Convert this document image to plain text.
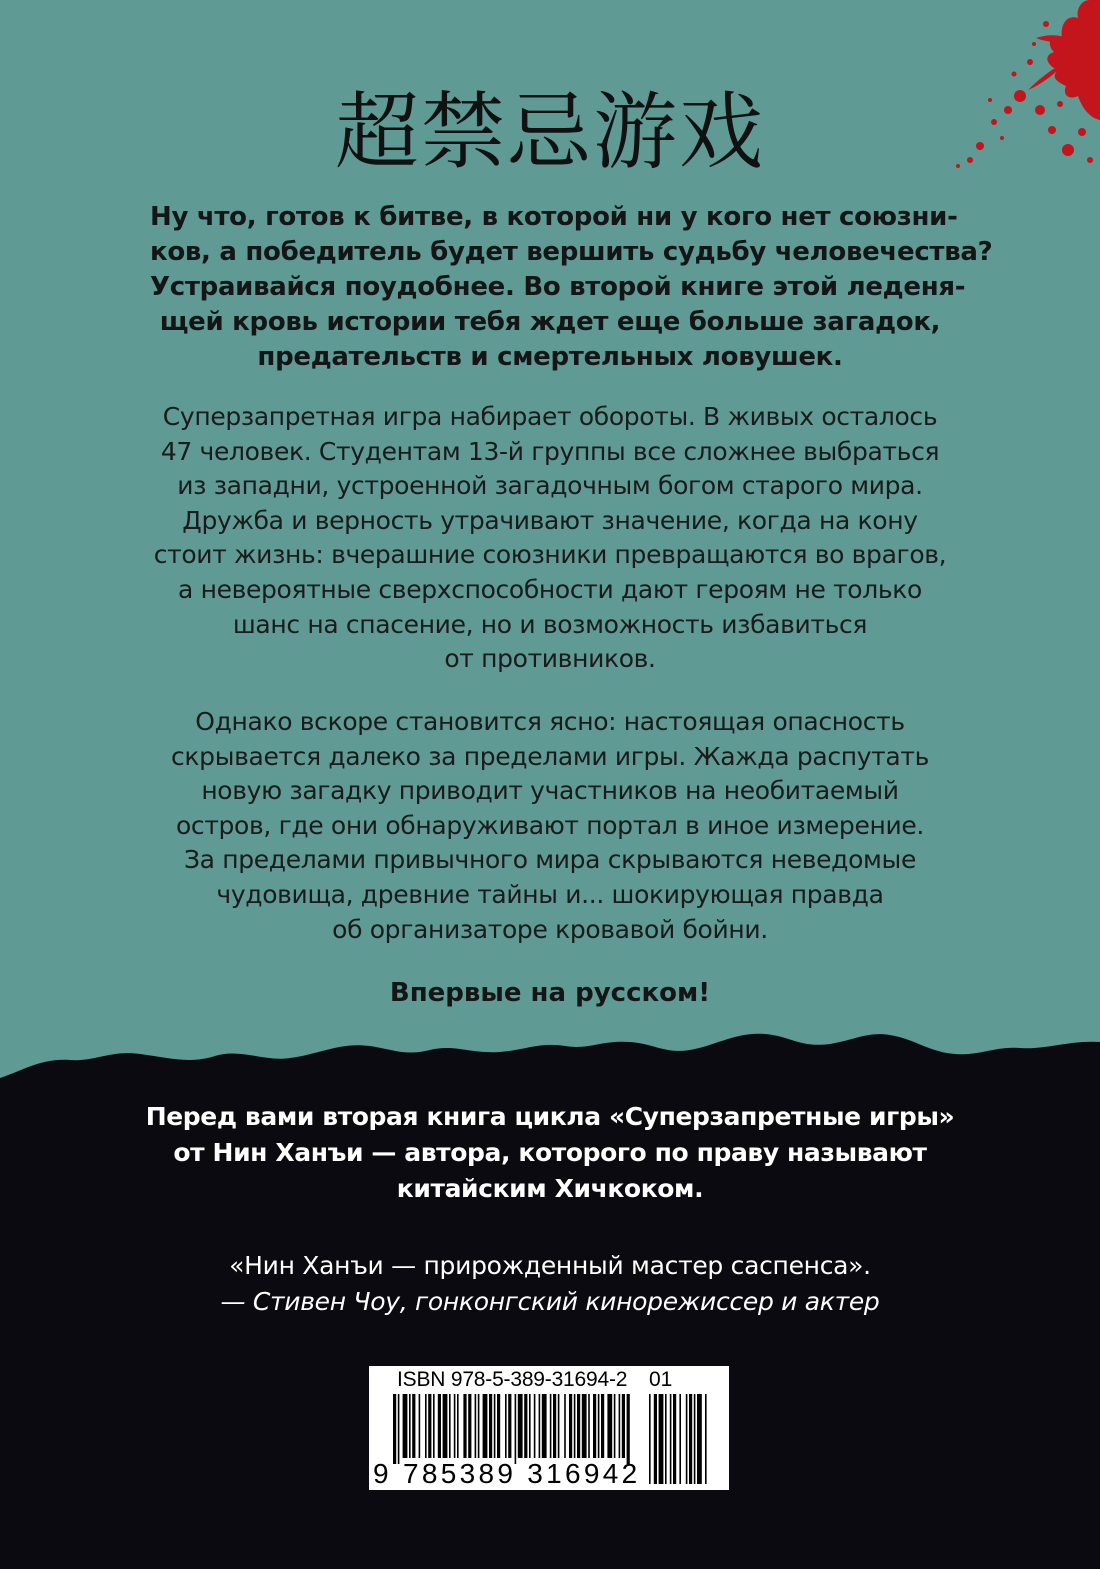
超禁忌游戏
Ну что, готов к битве, в которой ни у кого нет союзни-
ков, а победитель будет вершить судьбу человечества?
Устраивайся поудобнее. Во второй книге этой леденя-
щей кровь истории тебя ждет еще больше загадок,
предательств и смертельных ловушек.
Суперзапретная игра набирает обороты. В живых осталось
47 человек. Студентам 13-й группы все сложнее выбраться
из западни, устроенной загадочным богом старого мира.
Дружба и верность утрачивают значение, когда на кону
стоит жизнь: вчерашние союзники превращаются во врагов,
а невероятные сверхспособности дают героям не только
шанс на спасение, но и возможность избавиться
от противников.
Однако вскоре становится ясно: настоящая опасность
скрывается далеко за пределами игры. Жажда распутать
новую загадку приводит участников на необитаемый
остров, где они обнаруживают портал в иное измерение.
За пределами привычного мира скрываются неведомые
чудовища, древние тайны и... шокирующая правда
об организаторе кровавой бойни.
Впервые на русском!
Перед вами вторая книга цикла «Суперзапретные игры»
от Нин Ханъи — автора, которого по праву называют
китайским Хичкоком.
«Нин Ханъи — прирожденный мастер саспенса».
— Стивен Чоу, гонконгский кинорежиссер и актер
ISBN 978-5-389-31694-2 01
9 785389 316942
